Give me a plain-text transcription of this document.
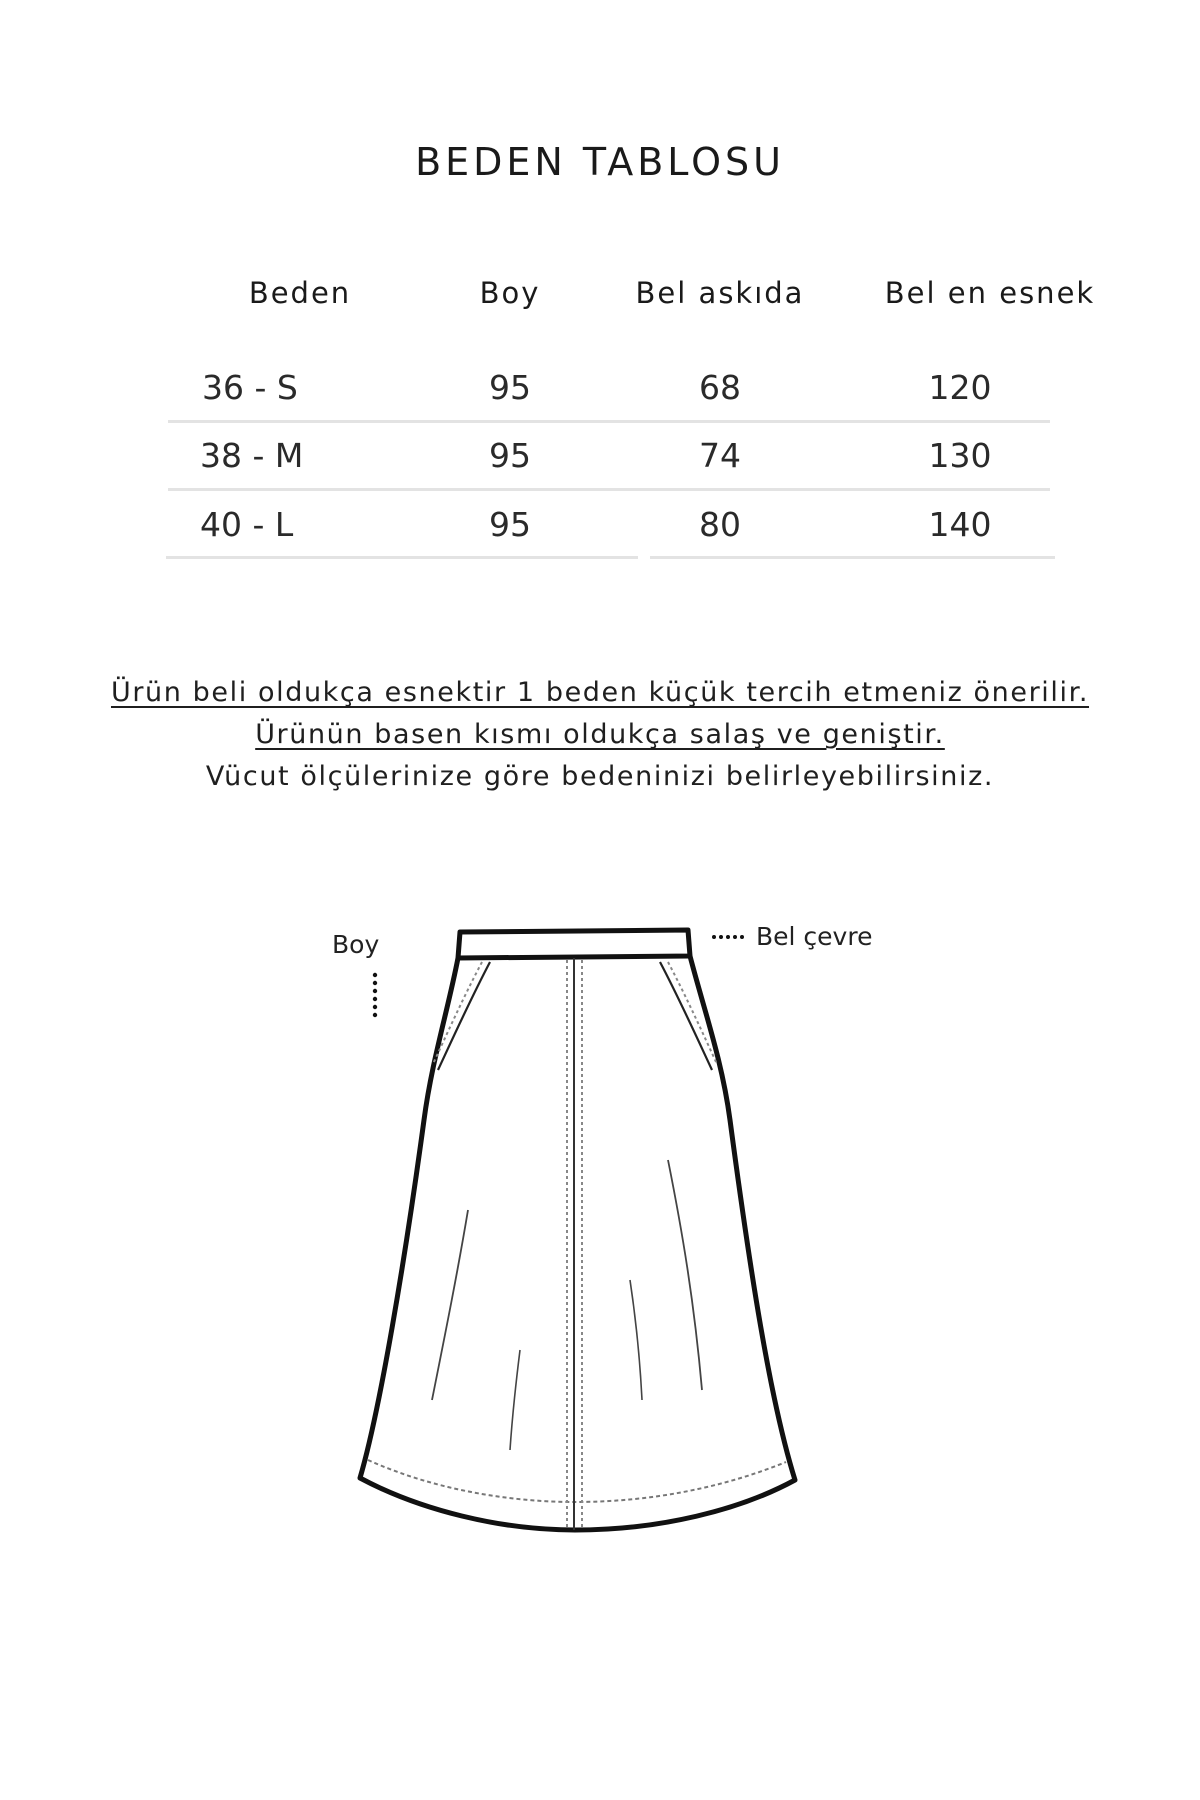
BEDEN TABLOSU
Beden	Boy	Bel askıda	Bel en esnek
36 - S	95	68	120
38 - M	95	74	130
40 - L	95	80	140
Ürün beli oldukça esnektir 1 beden küçük tercih etmeniz önerilir.
Ürünün basen kısmı oldukça salaş ve geniştir.
Vücut ölçülerinize göre bedeninizi belirleyebilirsiniz.
Boy	Bel çevre
